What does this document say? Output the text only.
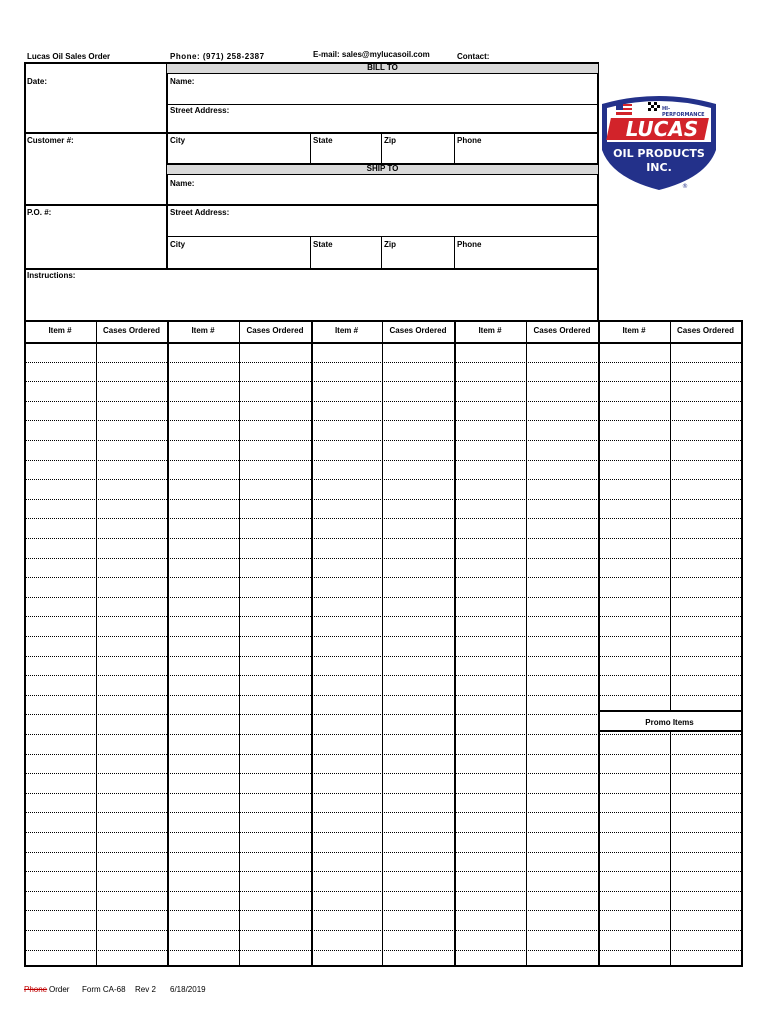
Lucas Oil Sales Order	Phone: (971) 258-2387	E-mail: sales@mylucasoil.com	Contact:
BILL TO
Name:
Street Address:
City	State	Zip	Phone
SHIP TO
Name:
Street Address:
City	State	Zip	Phone
Date:
Customer #:
P.O. #:
Instructions:
HI-
PERFORMANCE
LUCAS
OIL PRODUCTS
INC.
®
Item #	Cases Ordered	Item #	Cases Ordered	Item #	Cases Ordered	Item #	Cases Ordered	Item #	Cases Ordered
Promo Items
Phone Order Form CA-68 Rev 2 6/18/2019
